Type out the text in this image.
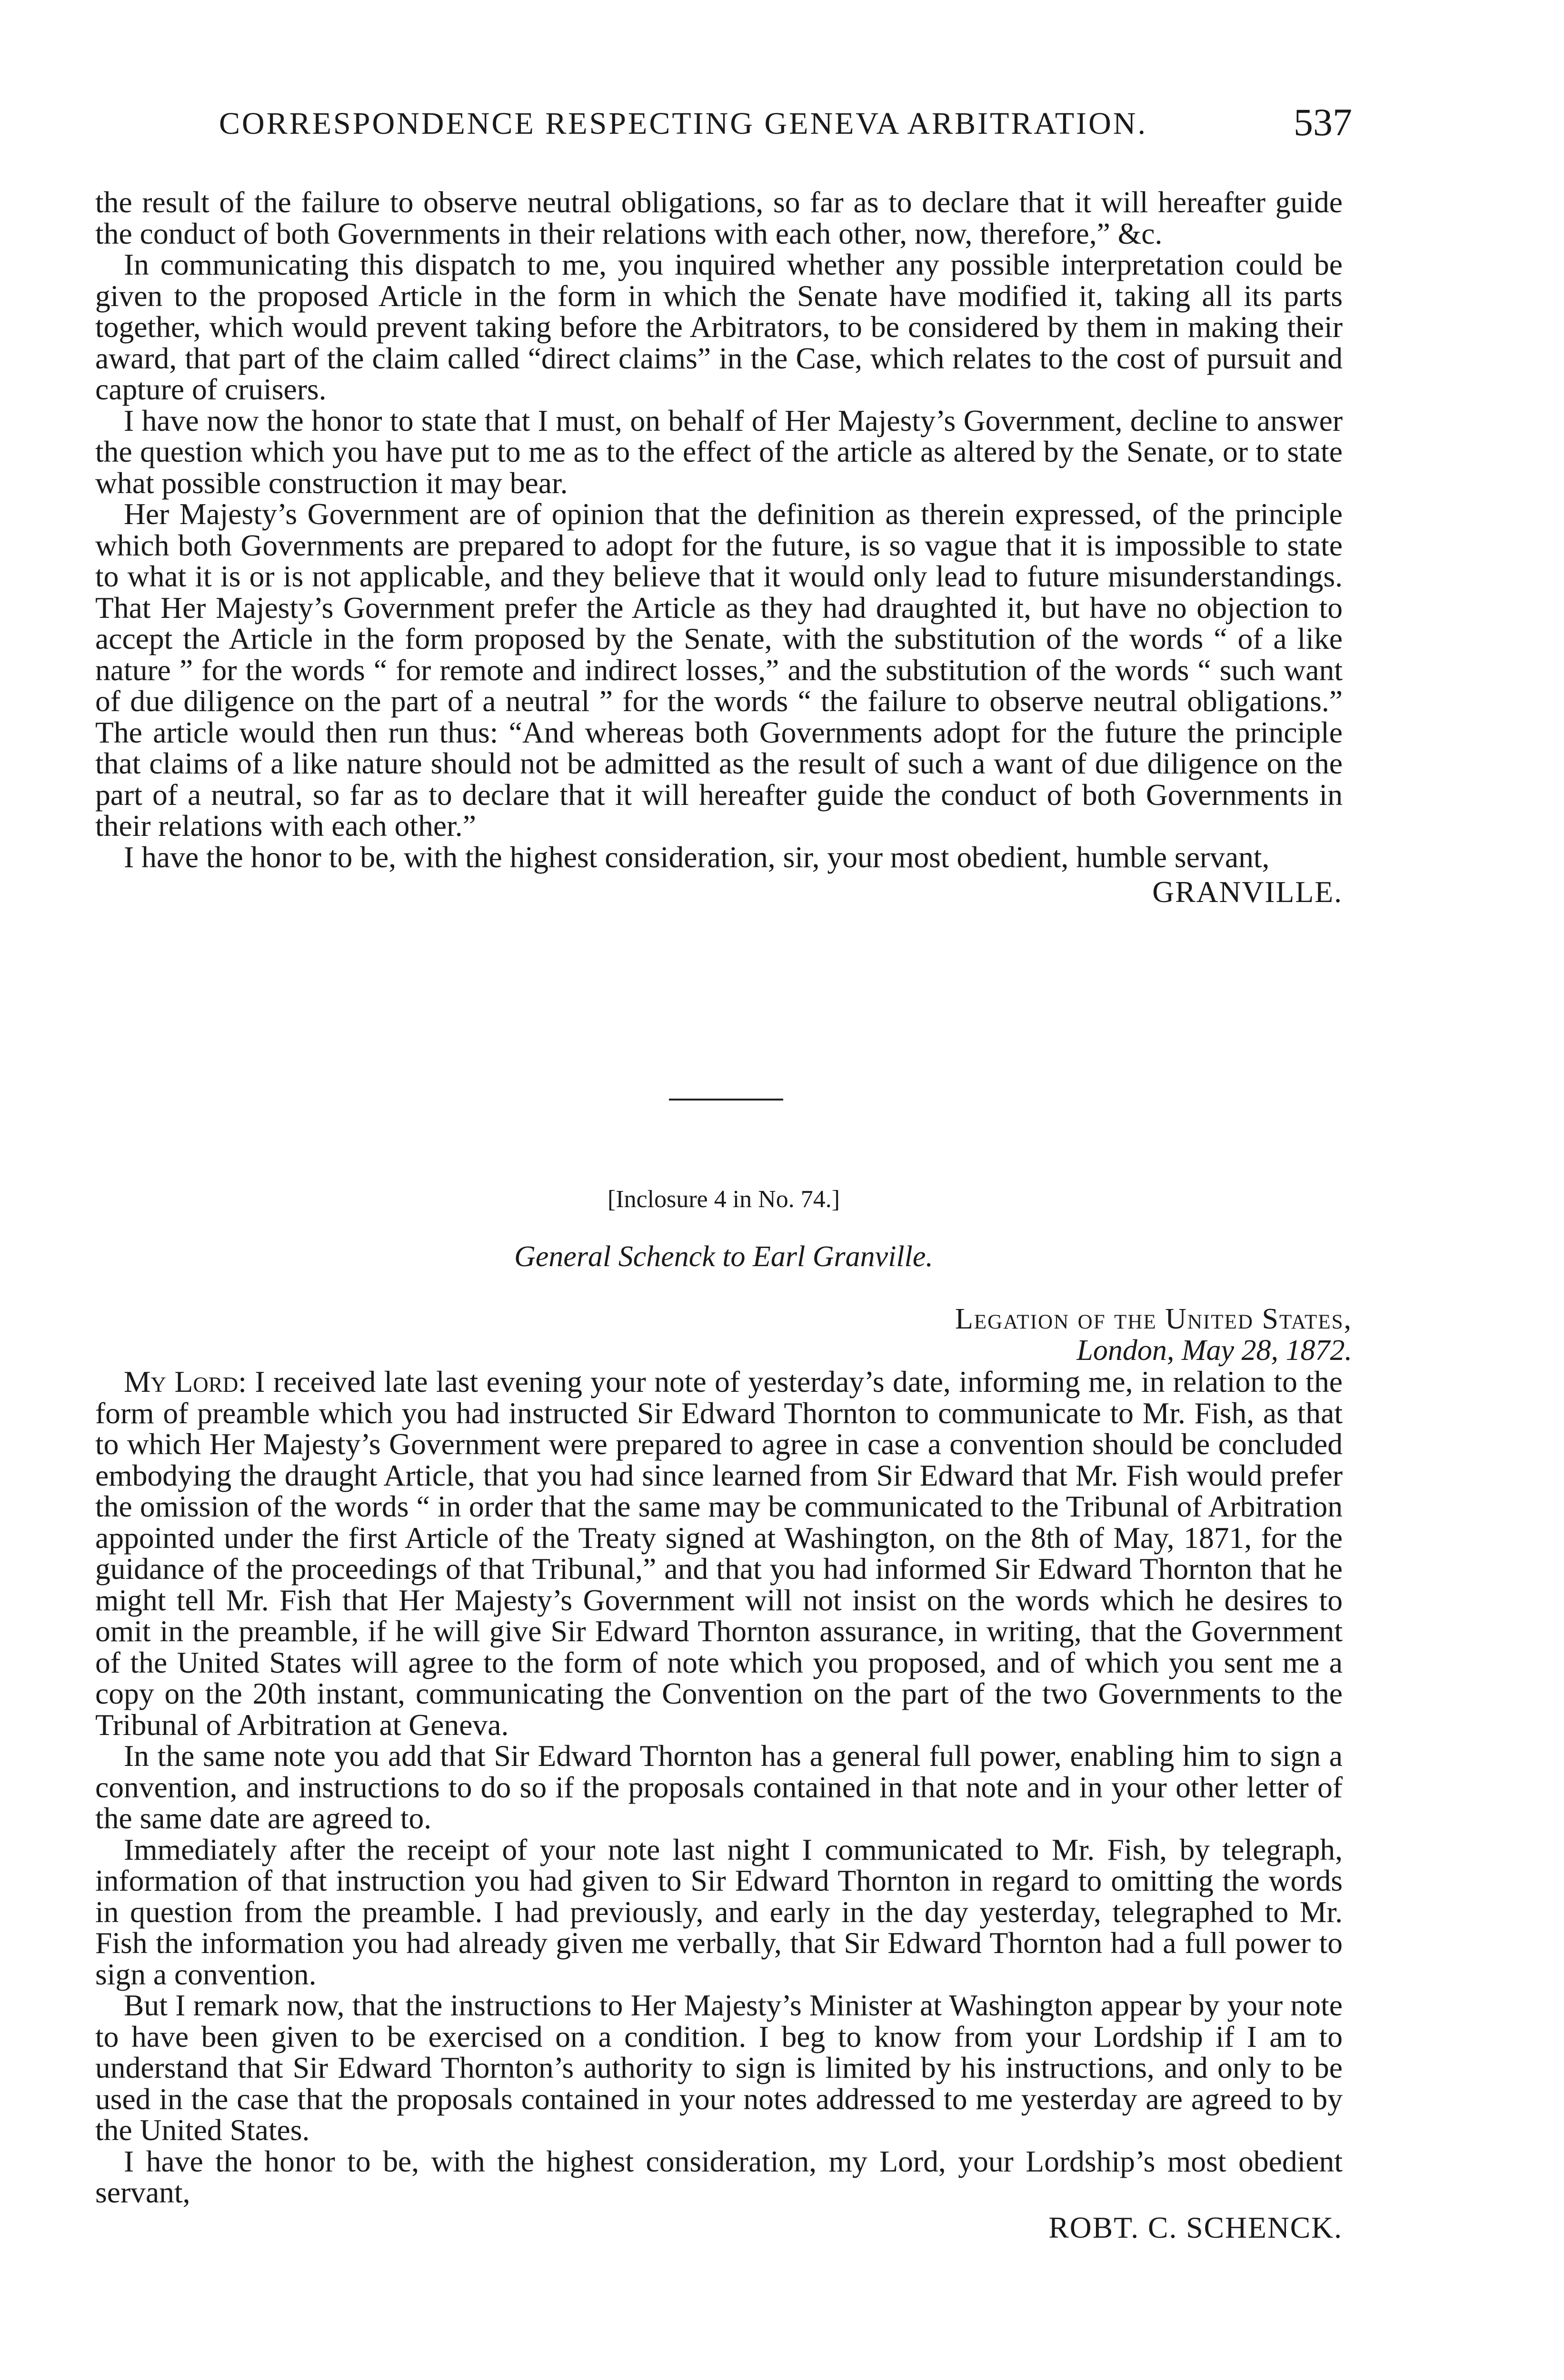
CORRESPONDENCE RESPECTING GENEVA ARBITRATION.	537

the result of the failure to observe neutral obligations, so far as to declare that it will hereafter guide the conduct of both Governments in their relations with each other, now, therefore,” &c.

In communicating this dispatch to me, you inquired whether any possible interpretation could be given to the proposed Article in the form in which the Senate have modified it, taking all its parts together, which would prevent taking before the Arbitrators, to be considered by them in making their award, that part of the claim called “direct claims” in the Case, which relates to the cost of pursuit and capture of cruisers.

I have now the honor to state that I must, on behalf of Her Majesty’s Government, decline to answer the question which you have put to me as to the effect of the article as altered by the Senate, or to state what possible construction it may bear.

Her Majesty’s Government are of opinion that the definition as therein expressed, of the principle which both Governments are prepared to adopt for the future, is so vague that it is impossible to state to what it is or is not applicable, and they believe that it would only lead to future misunderstandings. That Her Majesty’s Government prefer the Article as they had draughted it, but have no objection to accept the Article in the form proposed by the Senate, with the substitution of the words “ of a like nature ” for the words “ for remote and indirect losses,” and the substitution of the words “ such want of due diligence on the part of a neutral ” for the words “ the failure to observe neutral obligations.” The article would then run thus: “And whereas both Governments adopt for the future the principle that claims of a like nature should not be admitted as the result of such a want of due diligence on the part of a neutral, so far as to declare that it will hereafter guide the conduct of both Governments in their relations with each other.”

I have the honor to be, with the highest consideration, sir, your most obedient, humble servant,

GRANVILLE.

[Inclosure 4 in No. 74.]
General Schenck to Earl Granville.
Legation of the United States,
London, May 28, 1872.

My Lord: I received late last evening your note of yesterday’s date, informing me, in relation to the form of preamble which you had instructed Sir Edward Thornton to communicate to Mr. Fish, as that to which Her Majesty’s Government were prepared to agree in case a convention should be concluded embodying the draught Article, that you had since learned from Sir Edward that Mr. Fish would prefer the omission of the words “ in order that the same may be communicated to the Tribunal of Arbitration appointed under the first Article of the Treaty signed at Washington, on the 8th of May, 1871, for the guidance of the proceedings of that Tribunal,” and that you had informed Sir Edward Thornton that he might tell Mr. Fish that Her Majesty’s Government will not insist on the words which he desires to omit in the preamble, if he will give Sir Edward Thornton assurance, in writing, that the Government of the United States will agree to the form of note which you proposed, and of which you sent me a copy on the 20th instant, communicating the Convention on the part of the two Governments to the Tribunal of Arbitration at Geneva.

In the same note you add that Sir Edward Thornton has a general full power, enabling him to sign a convention, and instructions to do so if the proposals contained in that note and in your other letter of the same date are agreed to.

Immediately after the receipt of your note last night I communicated to Mr. Fish, by telegraph, information of that instruction you had given to Sir Edward Thornton in regard to omitting the words in question from the preamble. I had previously, and early in the day yesterday, telegraphed to Mr. Fish the information you had already given me verbally, that Sir Edward Thornton had a full power to sign a convention.

But I remark now, that the instructions to Her Majesty’s Minister at Washington appear by your note to have been given to be exercised on a condition. I beg to know from your Lordship if I am to understand that Sir Edward Thornton’s authority to sign is limited by his instructions, and only to be used in the case that the proposals contained in your notes addressed to me yesterday are agreed to by the United States.

I have the honor to be, with the highest consideration, my Lord, your Lordship’s most obedient servant,

ROBT. C. SCHENCK.
